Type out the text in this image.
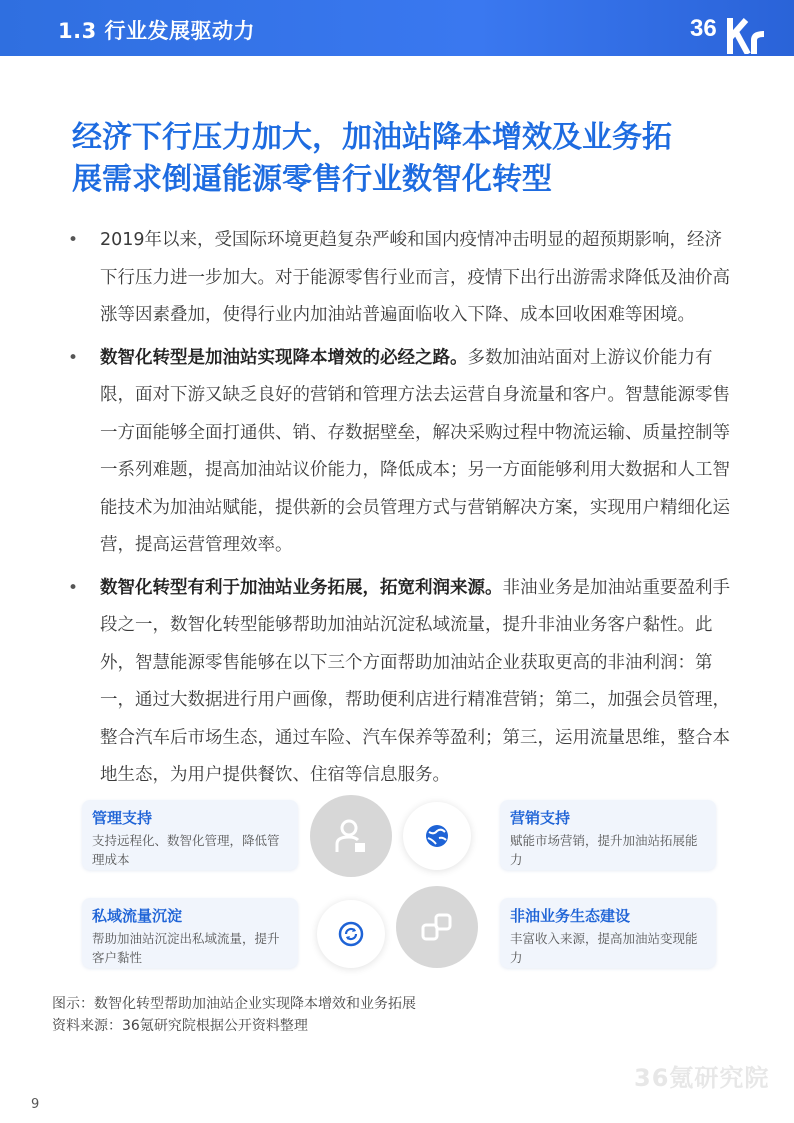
1.3 行业发展驱动力	36
经济下行压力加大，加油站降本增效及业务拓
展需求倒逼能源零售行业数智化转型
• 2019年以来，受国际环境更趋复杂严峻和国内疫情冲击明显的超预期影响，经济下行压力进一步加大。对于能源零售行业而言，疫情下出行出游需求降低及油价高涨等因素叠加，使得行业内加油站普遍面临收入下降、成本回收困难等困境。
• 数智化转型是加油站实现降本增效的必经之路。多数加油站面对上游议价能力有限，面对下游又缺乏良好的营销和管理方法去运营自身流量和客户。智慧能源零售一方面能够全面打通供、销、存数据壁垒，解决采购过程中物流运输、质量控制等一系列难题，提高加油站议价能力，降低成本；另一方面能够利用大数据和人工智能技术为加油站赋能，提供新的会员管理方式与营销解决方案，实现用户精细化运营，提高运营管理效率。
• 数智化转型有利于加油站业务拓展，拓宽利润来源。非油业务是加油站重要盈利手段之一，数智化转型能够帮助加油站沉淀私域流量，提升非油业务客户黏性。此外，智慧能源零售能够在以下三个方面帮助加油站企业获取更高的非油利润：第一，通过大数据进行用户画像，帮助便利店进行精准营销；第二，加强会员管理，整合汽车后市场生态，通过车险、汽车保养等盈利；第三，运用流量思维，整合本地生态，为用户提供餐饮、住宿等信息服务。
管理支持
支持远程化、数智化管理，降低管理成本
营销支持
赋能市场营销，提升加油站拓展能力
私域流量沉淀
帮助加油站沉淀出私域流量，提升客户黏性
非油业务生态建设
丰富收入来源，提高加油站变现能力
图示：数智化转型帮助加油站企业实现降本增效和业务拓展
资料来源：36氪研究院根据公开资料整理
9
36氪研究院
